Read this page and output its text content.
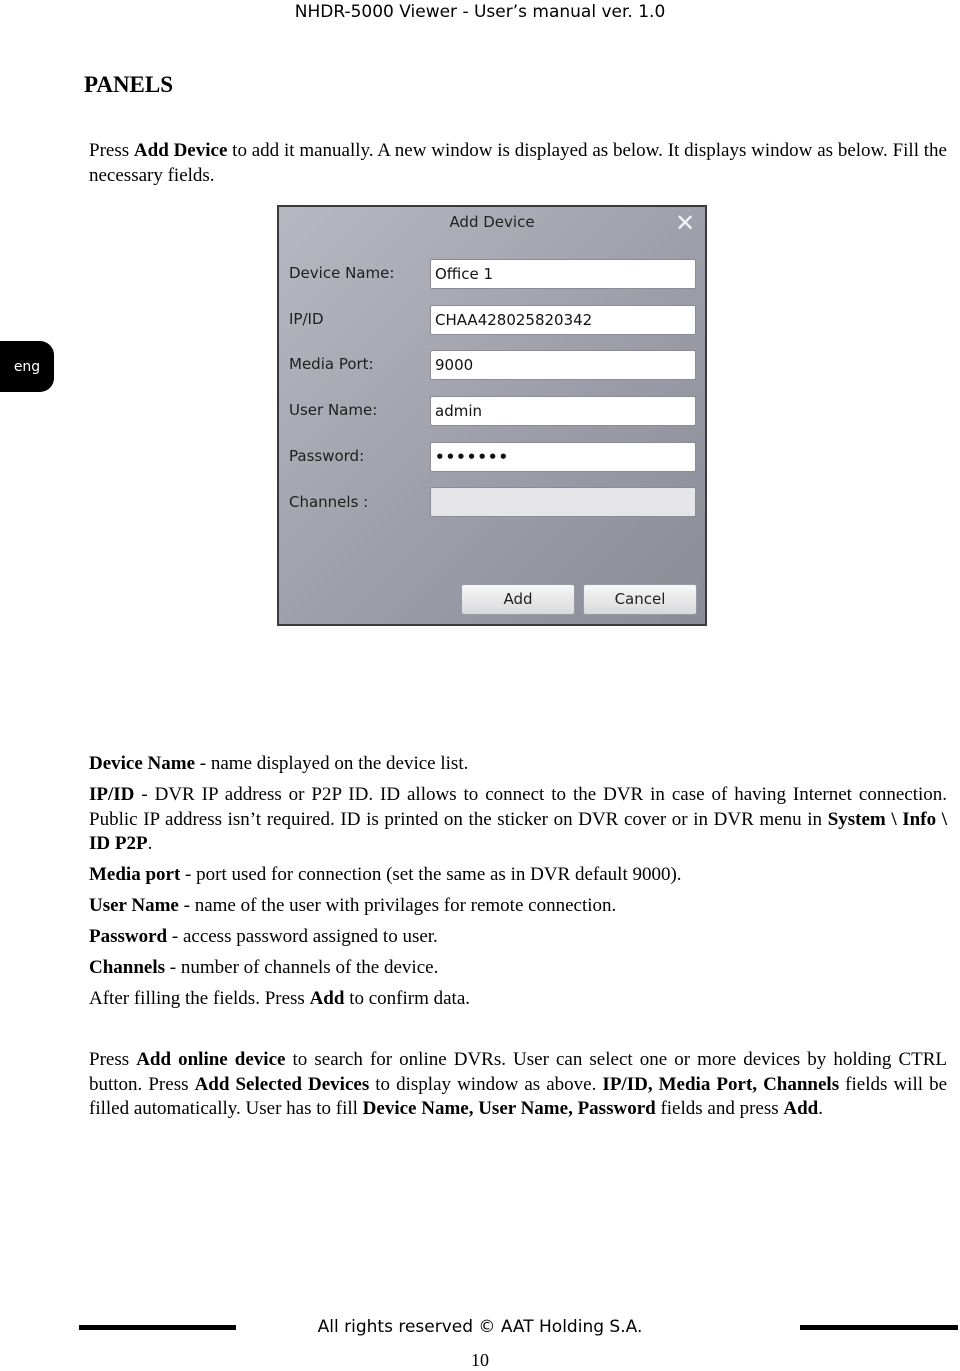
NHDR-5000 Viewer - User’s manual ver. 1.0
PANELS
eng

Press Add Device to add it manually. A new window is displayed as below. It displays window as below. Fill the necessary fields.

Add Device	✕
Device Name:
Office 1
IP/ID
CHAA428025820342
Media Port:
9000
User Name:
admin
Password:
•••••••
Channels :
Add	Cancel

Device Name - name displayed on the device list.

IP/ID - DVR IP address or P2P ID. ID allows to connect to the DVR in case of having Internet connection. Public IP address isn’t required. ID is printed on the sticker on DVR cover or in DVR menu in System \ Info \ ID P2P.

Media port - port used for connection (set the same as in DVR default 9000).

User Name - name of the user with privilages for remote connection.

Password - access password assigned to user.

Channels - number of channels of the device.

After filling the fields. Press Add to confirm data.

Press Add online device to search for online DVRs. User can select one or more devices by holding CTRL button. Press Add Selected Devices to display window as above. IP/ID, Media Port, Channels fields will be filled automatically. User has to fill Device Name, User Name, Password fields and press Add.

All rights reserved © AAT Holding S.A.
10
